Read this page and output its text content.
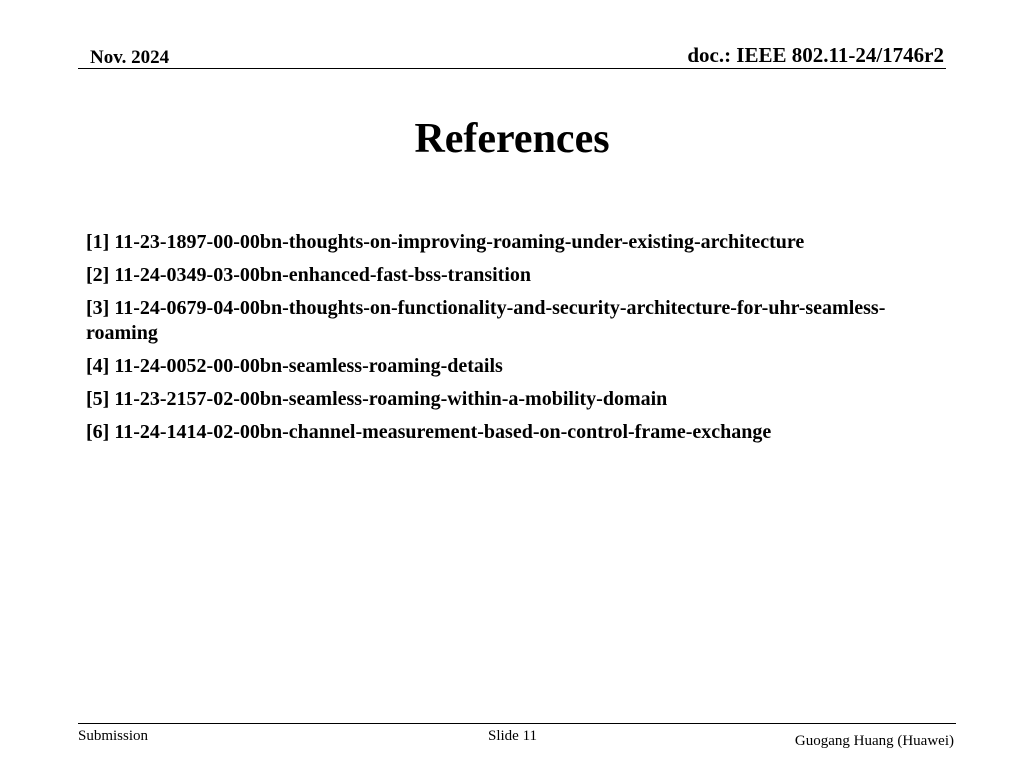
Nov. 2024	doc.: IEEE 802.11-24/1746r2
References
[1] 11-23-1897-00-00bn-thoughts-on-improving-roaming-under-existing-architecture
[2] 11-24-0349-03-00bn-enhanced-fast-bss-transition
[3] 11-24-0679-04-00bn-thoughts-on-functionality-and-security-architecture-for-uhr-seamless-roaming
[4] 11-24-0052-00-00bn-seamless-roaming-details
[5] 11-23-2157-02-00bn-seamless-roaming-within-a-mobility-domain
[6] 11-24-1414-02-00bn-channel-measurement-based-on-control-frame-exchange
Submission	Slide 11	Guogang Huang (Huawei)
